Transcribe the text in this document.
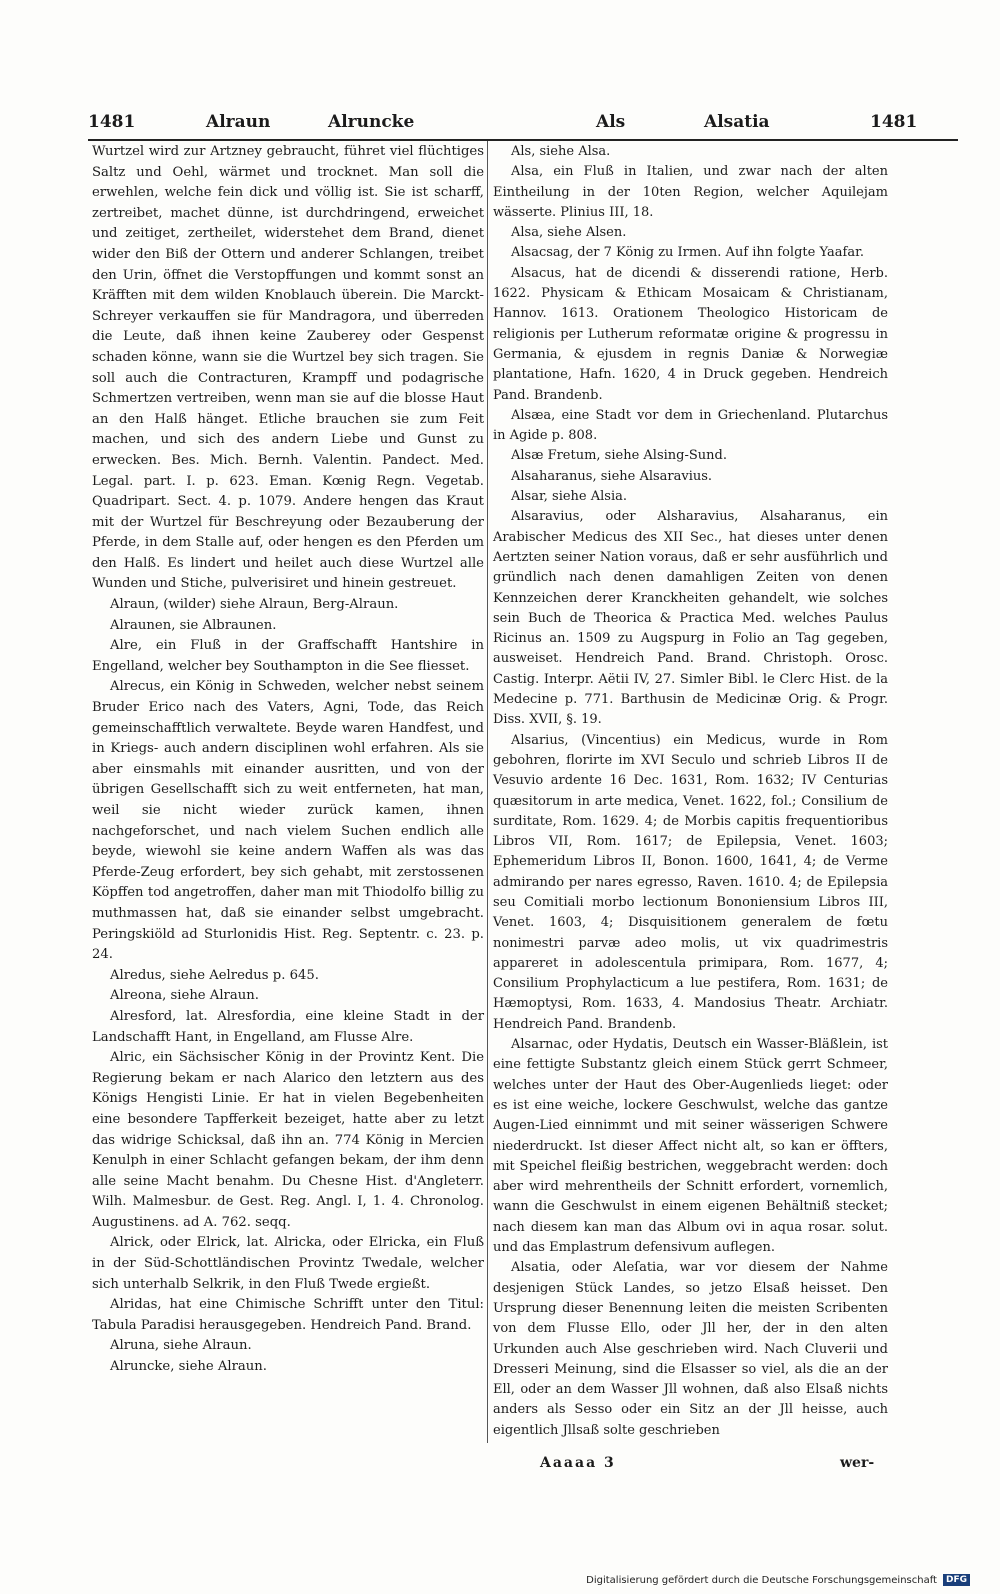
1481	Alraun	Alruncke	Als	Alsatia	1481

Wurtzel wird zur Artzney gebraucht, führet viel flüchtiges Saltz und Oehl, wärmet und trocknet. Man soll die erwehlen, welche fein dick und völlig ist. Sie ist scharff, zertreibet, machet dünne, ist durchdringend, erweichet und zeitiget, zertheilet, widerstehet dem Brand, dienet wider den Biß der Ottern und anderer Schlangen, treibet den Urin, öffnet die Verstopffungen und kommt sonst an Kräfften mit dem wilden Knoblauch überein. Die Marckt-Schreyer verkauffen sie für Mandragora, und überreden die Leute, daß ihnen keine Zauberey oder Gespenst schaden könne, wann sie die Wurtzel bey sich tragen. Sie soll auch die Contracturen, Krampff und podagrische Schmertzen vertreiben, wenn man sie auf die blosse Haut an den Halß hänget. Etliche brauchen sie zum Feit machen, und sich des andern Liebe und Gunst zu erwecken. Bes. Mich. Bernh. Valentin. Pandect. Med. Legal. part. I. p. 623. Eman. Kœnig Regn. Vegetab. Quadripart. Sect. 4. p. 1079. Andere hengen das Kraut mit der Wurtzel für Beschreyung oder Bezauberung der Pferde, in dem Stalle auf, oder hengen es den Pferden um den Halß. Es lindert und heilet auch diese Wurtzel alle Wunden und Stiche, pulverisiret und hinein gestreuet.

Alraun, (wilder) siehe Alraun, Berg-Alraun.

Alraunen, sie Albraunen.

Alre, ein Fluß in der Graffschafft Hantshire in Engelland, welcher bey Southampton in die See fliesset.

Alrecus, ein König in Schweden, welcher nebst seinem Bruder Erico nach des Vaters, Agni, Tode, das Reich gemeinschafftlich verwaltete. Beyde waren Handfest, und in Kriegs- auch andern disciplinen wohl erfahren. Als sie aber einsmahls mit einander ausritten, und von der übrigen Gesellschafft sich zu weit entferneten, hat man, weil sie nicht wieder zurück kamen, ihnen nachgeforschet, und nach vielem Suchen endlich alle beyde, wiewohl sie keine andern Waffen als was das Pferde-Zeug erfordert, bey sich gehabt, mit zerstossenen Köpffen tod angetroffen, daher man mit Thiodolfo billig zu muthmassen hat, daß sie einander selbst umgebracht. Peringskiöld ad Sturlonidis Hist. Reg. Septentr. c. 23. p. 24.

Alredus, siehe Aelredus p. 645.

Alreona, siehe Alraun.

Alresford, lat. Alresfordia, eine kleine Stadt in der Landschafft Hant, in Engelland, am Flusse Alre.

Alric, ein Sächsischer König in der Provintz Kent. Die Regierung bekam er nach Alarico den letztern aus des Königs Hengisti Linie. Er hat in vielen Begebenheiten eine besondere Tapfferkeit bezeiget, hatte aber zu letzt das widrige Schicksal, daß ihn an. 774 König in Mercien Kenulph in einer Schlacht gefangen bekam, der ihm denn alle seine Macht benahm. Du Chesne Hist. d'Angleterr. Wilh. Malmesbur. de Gest. Reg. Angl. I, 1. 4. Chronolog. Augustinens. ad A. 762. seqq.

Alrick, oder Elrick, lat. Alricka, oder Elricka, ein Fluß in der Süd-Schottländischen Provintz Twedale, welcher sich unterhalb Selkrik, in den Fluß Twede ergießt.

Alridas, hat eine Chimische Schrifft unter den Titul: Tabula Paradisi herausgegeben. Hendreich Pand. Brand.

Alruna, siehe Alraun.

Alruncke, siehe Alraun.

Als, siehe Alsa.

Alsa, ein Fluß in Italien, und zwar nach der alten Eintheilung in der 10ten Region, welcher Aquilejam wässerte. Plinius III, 18.

Alsa, siehe Alsen.

Alsacsag, der 7 König zu Irmen. Auf ihn folgte Yaafar.

Alsacus, hat de dicendi & disserendi ratione, Herb. 1622. Physicam & Ethicam Mosaicam & Christianam, Hannov. 1613. Orationem Theologico Historicam de religionis per Lutherum reformatæ origine & progressu in Germania, & ejusdem in regnis Daniæ & Norwegiæ plantatione, Hafn. 1620, 4 in Druck gegeben. Hendreich Pand. Brandenb.

Alsæa, eine Stadt vor dem in Griechenland. Plutarchus in Agide p. 808.

Alsæ Fretum, siehe Alsing-Sund.

Alsaharanus, siehe Alsaravius.

Alsar, siehe Alsia.

Alsaravius, oder Alsharavius, Alsaharanus, ein Arabischer Medicus des XII Sec., hat dieses unter denen Aertzten seiner Nation voraus, daß er sehr ausführlich und gründlich nach denen damahligen Zeiten von denen Kennzeichen derer Kranckheiten gehandelt, wie solches sein Buch de Theorica & Practica Med. welches Paulus Ricinus an. 1509 zu Augspurg in Folio an Tag gegeben, ausweiset. Hendreich Pand. Brand. Christoph. Orosc. Castig. Interpr. Aëtii IV, 27. Simler Bibl. le Clerc Hist. de la Medecine p. 771. Barthusin de Medicinæ Orig. & Progr. Diss. XVII, §. 19.

Alsarius, (Vincentius) ein Medicus, wurde in Rom gebohren, florirte im XVI Seculo und schrieb Libros II de Vesuvio ardente 16 Dec. 1631, Rom. 1632; IV Centurias quæsitorum in arte medica, Venet. 1622, fol.; Consilium de surditate, Rom. 1629. 4; de Morbis capitis frequentioribus Libros VII, Rom. 1617; de Epilepsia, Venet. 1603; Ephemeridum Libros II, Bonon. 1600, 1641, 4; de Verme admirando per nares egresso, Raven. 1610. 4; de Epilepsia seu Comitiali morbo lectionum Bononiensium Libros III, Venet. 1603, 4; Disquisitionem generalem de fœtu nonimestri parvæ adeo molis, ut vix quadrimestris appareret in adolescentula primipara, Rom. 1677, 4; Consilium Prophylacticum a lue pestifera, Rom. 1631; de Hæmoptysi, Rom. 1633, 4. Mandosius Theatr. Archiatr. Hendreich Pand. Brandenb.

Alsarnac, oder Hydatis, Deutsch ein Wasser-Bläßlein, ist eine fettigte Substantz gleich einem Stück gerrt Schmeer, welches unter der Haut des Ober-Augenlieds lieget: oder es ist eine weiche, lockere Geschwulst, welche das gantze Augen-Lied einnimmt und mit seiner wässerigen Schwere niederdruckt. Ist dieser Affect nicht alt, so kan er öffters, mit Speichel fleißig bestrichen, weggebracht werden: doch aber wird mehrentheils der Schnitt erfordert, vornemlich, wann die Geschwulst in einem eigenen Behältniß stecket; nach diesem kan man das Album ovi in aqua rosar. solut. und das Emplastrum defensivum auflegen.

Alsatia, oder Aleſatia, war vor diesem der Nahme desjenigen Stück Landes, so jetzo Elsaß heisset. Den Ursprung dieser Benennung leiten die meisten Scribenten von dem Flusse Ello, oder Jll her, der in den alten Urkunden auch Alse geschrieben wird. Nach Cluverii und Dresseri Meinung, sind die Elsasser so viel, als die an der Ell, oder an dem Wasser Jll wohnen, daß also Elsaß nichts anders als Sesso oder ein Sitz an der Jll heisse, auch eigentlich Jllsaß solte geschrieben

Aaaaa 3	wer-
Digitalisierung gefördert durch die Deutsche Forschungsgemeinschaft	DFG
